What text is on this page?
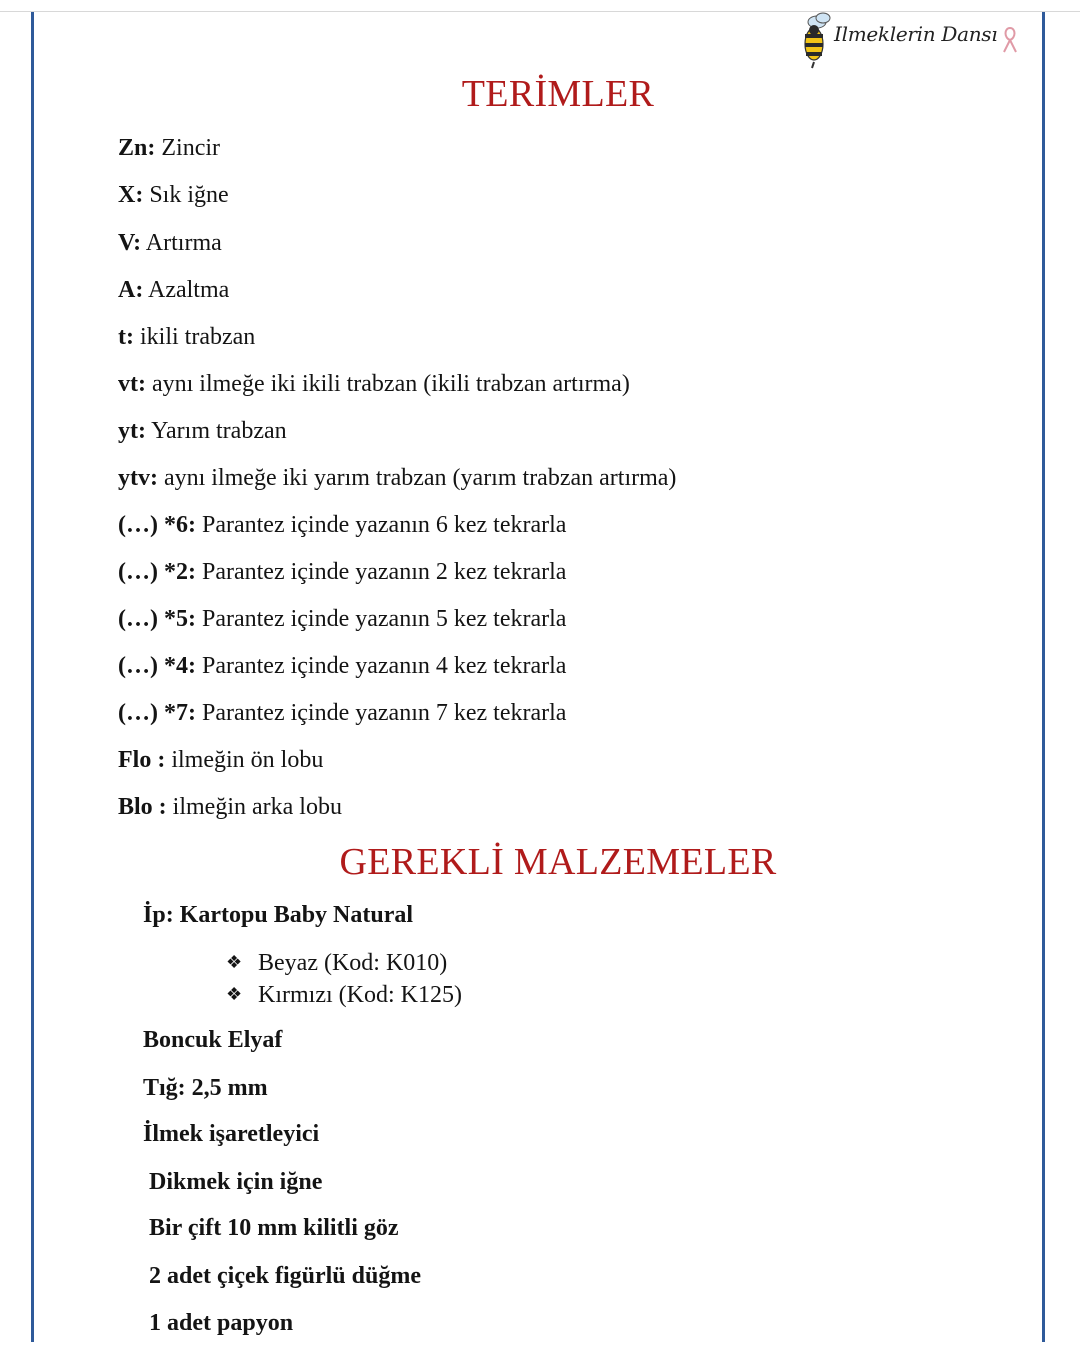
Ilmeklerin Dansı
TERİMLER
Zn: Zincir
X: Sık iğne
V: Artırma
A: Azaltma
t: ikili trabzan
vt: aynı ilmeğe iki ikili trabzan (ikili trabzan artırma)
yt: Yarım trabzan
ytv: aynı ilmeğe iki yarım trabzan (yarım trabzan artırma)
(…) *6: Parantez içinde yazanın 6 kez tekrarla
(…) *2: Parantez içinde yazanın 2 kez tekrarla
(…) *5: Parantez içinde yazanın 5 kez tekrarla
(…) *4: Parantez içinde yazanın 4 kez tekrarla
(…) *7: Parantez içinde yazanın 7 kez tekrarla
Flo : ilmeğin ön lobu
Blo : ilmeğin arka lobu
GEREKLİ MALZEMELER
İp: Kartopu Baby Natural
❖ Beyaz (Kod: K010)
❖ Kırmızı (Kod: K125)
Boncuk Elyaf
Tığ: 2,5 mm
İlmek işaretleyici
Dikmek için iğne
Bir çift 10 mm kilitli göz
2 adet çiçek figürlü düğme
1 adet papyon
